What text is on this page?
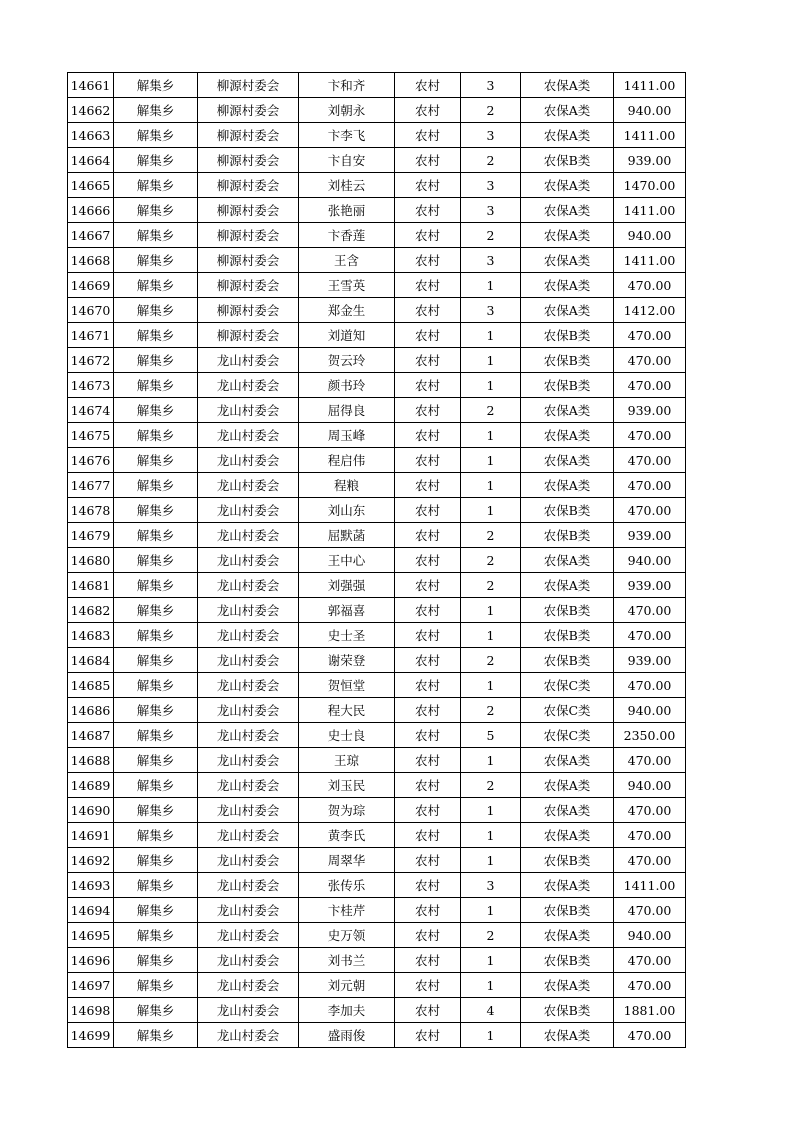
14661	解集乡	柳源村委会	卞和齐	农村	3	农保A类	1411.00
14662	解集乡	柳源村委会	刘朝永	农村	2	农保A类	940.00
14663	解集乡	柳源村委会	卞李飞	农村	3	农保A类	1411.00
14664	解集乡	柳源村委会	卞自安	农村	2	农保B类	939.00
14665	解集乡	柳源村委会	刘桂云	农村	3	农保A类	1470.00
14666	解集乡	柳源村委会	张艳丽	农村	3	农保A类	1411.00
14667	解集乡	柳源村委会	卞香莲	农村	2	农保A类	940.00
14668	解集乡	柳源村委会	王含	农村	3	农保A类	1411.00
14669	解集乡	柳源村委会	王雪英	农村	1	农保A类	470.00
14670	解集乡	柳源村委会	郑金生	农村	3	农保A类	1412.00
14671	解集乡	柳源村委会	刘道知	农村	1	农保B类	470.00
14672	解集乡	龙山村委会	贺云玲	农村	1	农保B类	470.00
14673	解集乡	龙山村委会	颜书玲	农村	1	农保B类	470.00
14674	解集乡	龙山村委会	屈得良	农村	2	农保A类	939.00
14675	解集乡	龙山村委会	周玉峰	农村	1	农保A类	470.00
14676	解集乡	龙山村委会	程启伟	农村	1	农保A类	470.00
14677	解集乡	龙山村委会	程粮	农村	1	农保A类	470.00
14678	解集乡	龙山村委会	刘山东	农村	1	农保B类	470.00
14679	解集乡	龙山村委会	屈默菡	农村	2	农保B类	939.00
14680	解集乡	龙山村委会	王中心	农村	2	农保A类	940.00
14681	解集乡	龙山村委会	刘强强	农村	2	农保A类	939.00
14682	解集乡	龙山村委会	郭福喜	农村	1	农保B类	470.00
14683	解集乡	龙山村委会	史士圣	农村	1	农保B类	470.00
14684	解集乡	龙山村委会	谢荣登	农村	2	农保B类	939.00
14685	解集乡	龙山村委会	贺恒堂	农村	1	农保C类	470.00
14686	解集乡	龙山村委会	程大民	农村	2	农保C类	940.00
14687	解集乡	龙山村委会	史士良	农村	5	农保C类	2350.00
14688	解集乡	龙山村委会	王琼	农村	1	农保A类	470.00
14689	解集乡	龙山村委会	刘玉民	农村	2	农保A类	940.00
14690	解集乡	龙山村委会	贺为琮	农村	1	农保A类	470.00
14691	解集乡	龙山村委会	黄李氏	农村	1	农保A类	470.00
14692	解集乡	龙山村委会	周翠华	农村	1	农保B类	470.00
14693	解集乡	龙山村委会	张传乐	农村	3	农保A类	1411.00
14694	解集乡	龙山村委会	卞桂芹	农村	1	农保B类	470.00
14695	解集乡	龙山村委会	史万领	农村	2	农保A类	940.00
14696	解集乡	龙山村委会	刘书兰	农村	1	农保B类	470.00
14697	解集乡	龙山村委会	刘元朝	农村	1	农保A类	470.00
14698	解集乡	龙山村委会	李加夫	农村	4	农保B类	1881.00
14699	解集乡	龙山村委会	盛雨俊	农村	1	农保A类	470.00
